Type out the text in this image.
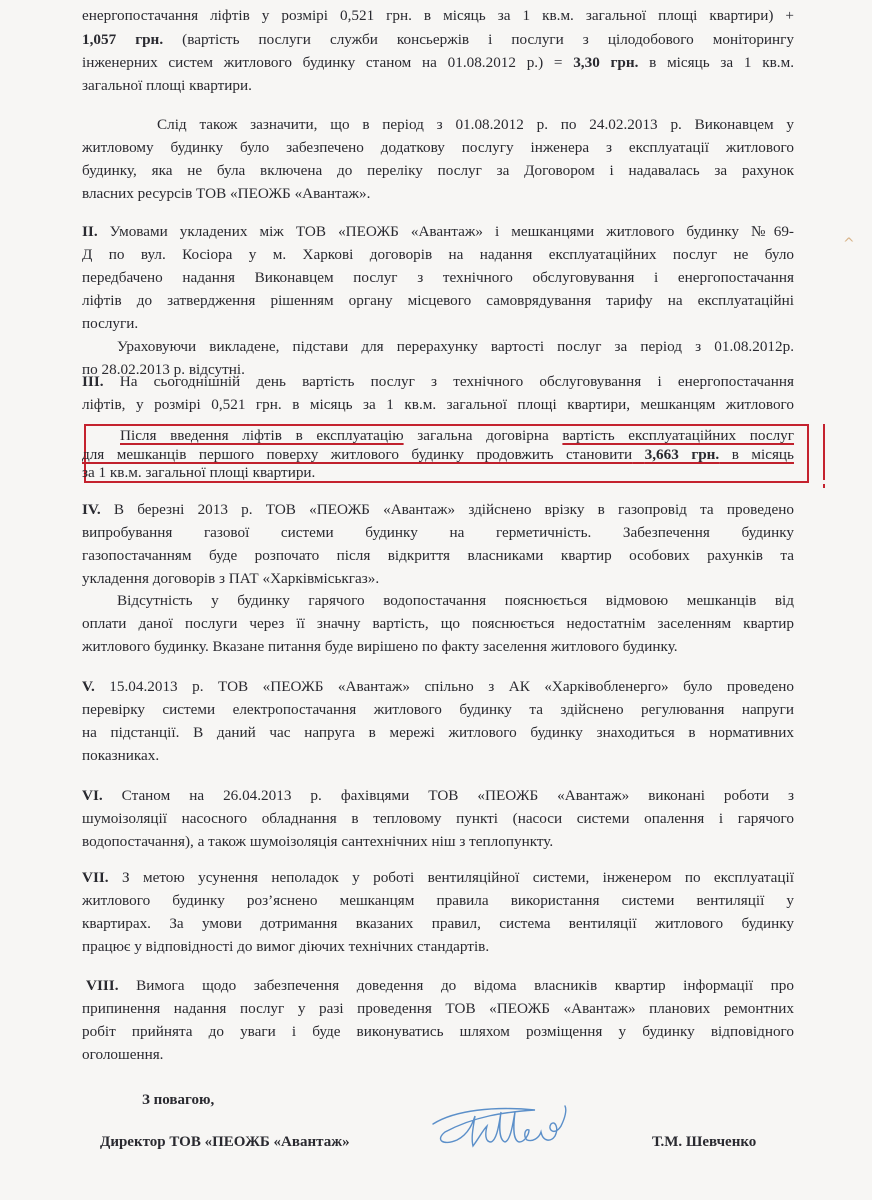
енергопостачання ліфтів у розмірі 0,521 грн. в місяць за 1 кв.м. загальної площі квартири) +
1,057 грн. (вартість послуги служби консьержів і послуги з цілодобового моніторингу
інженерних систем житлового будинку станом на 01.08.2012 р.) = 3,30 грн. в місяць за 1 кв.м.
загальної площі квартири.
Слід також зазначити, що в період з 01.08.2012 р. по 24.02.2013 р. Виконавцем у
житловому будинку було забезпечено додаткову послугу інженера з експлуатації житлового
будинку, яка не була включена до переліку послуг за Договором і надавалась за рахунок
власних ресурсів ТОВ «ПЕОЖБ «Авантаж».
II. Умовами укладених між ТОВ «ПЕОЖБ «Авантаж» і мешканцями житлового будинку №69-
Д по вул. Косіора у м. Харкові договорів на надання експлуатаційних послуг не було
передбачено надання Виконавцем послуг з технічного обслуговування і енергопостачання
ліфтів до затвердження рішенням органу місцевого самоврядування тарифу на експлуатаційні
послуги.
Ураховуючи викладене, підстави для перерахунку вартості послуг за період з 01.08.2012р.
по 28.02.2013 р. відсутні.
III. На сьогоднішній день вартість послуг з технічного обслуговування і енергопостачання
ліфтів, у розмірі 0,521 грн. в місяць за 1 кв.м. загальної площі квартири, мешканцям житлового
Після введення ліфтів в експлуатацію загальна договірна вартість експлуатаційних послуг
для мешканців першого поверху житлового будинку продовжить становити 3,663 грн. в місяць
за 1 кв.м. загальної площі квартири.
IV. В березні 2013 р. ТОВ «ПЕОЖБ «Авантаж» здійснено врізку в газопровід та проведено
випробування газової системи будинку на герметичність. Забезпечення будинку
газопостачанням буде розпочато після відкриття власниками квартир особових рахунків та
укладення договорів з ПАТ «Харківміськгаз».
Відсутність у будинку гарячого водопостачання пояснюється відмовою мешканців від
оплати даної послуги через її значну вартість, що пояснюється недостатнім заселенням квартир
житлового будинку. Вказане питання буде вирішено по факту заселення житлового будинку.
V. 15.04.2013 р. ТОВ «ПЕОЖБ «Авантаж» спільно з АК «Харківобленерго» було проведено
перевірку системи електропостачання житлового будинку та здійснено регулювання напруги
на підстанції. В даний час напруга в мережі житлового будинку знаходиться в нормативних
показниках.
VI. Станом на 26.04.2013 р. фахівцями ТОВ «ПЕОЖБ «Авантаж» виконані роботи з
шумоізоляції насосного обладнання в тепловому пункті (насоси системи опалення і гарячого
водопостачання), а також шумоізоляція сантехнічних ніш з теплопункту.
VII. З метою усунення неполадок у роботі вентиляційної системи, інженером по експлуатації
житлового будинку роз’яснено мешканцям правила використання системи вентиляції у
квартирах. За умови дотримання вказаних правил, система вентиляції житлового будинку
працює у відповідності до вимог діючих технічних стандартів.
VIII. Вимога щодо забезпечення доведення до відома власників квартир інформації про
припинення надання послуг у разі проведення ТОВ «ПЕОЖБ «Авантаж» планових ремонтних
робіт прийнята до уваги і буде виконуватись шляхом розміщення у будинку відповідного
оголошення.
З повагою,
Директор ТОВ «ПЕОЖБ «Авантаж»	Т.М. Шевченко
^
